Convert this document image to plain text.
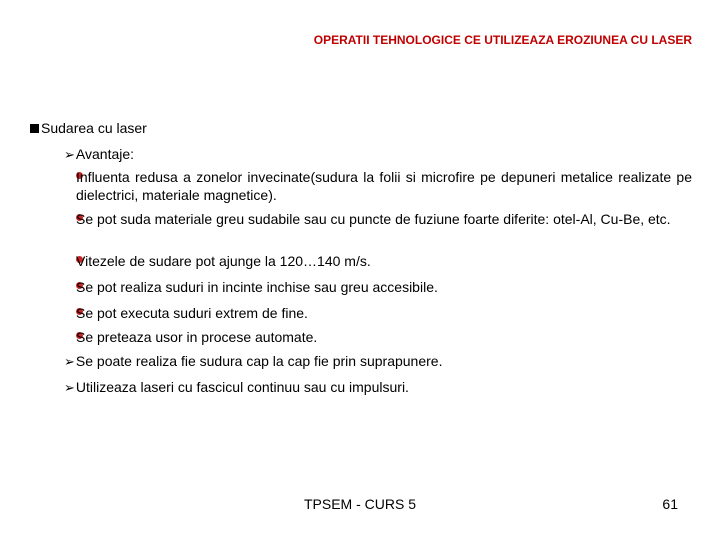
OPERATII TEHNOLOGICE CE UTILIZEAZA EROZIUNEA CU LASER
Sudarea cu laser
➢ Avantaje:
Influenta redusa a zonelor invecinate(sudura la folii si microfire pe depuneri metalice realizate pe dielectrici, materiale magnetice).
Se pot suda materiale greu sudabile sau cu puncte de fuziune foarte diferite: otel-Al, Cu-Be, etc.
Vitezele de sudare pot ajunge la 120…140 m/s.
Se pot realiza suduri in incinte inchise sau greu accesibile.
Se pot executa suduri extrem de fine.
Se preteaza usor in procese automate.
➢ Se poate realiza fie sudura cap la cap fie prin suprapunere.
➢ Utilizeaza laseri cu fascicul continuu sau cu impulsuri.
TPSEM - CURS 5	61
